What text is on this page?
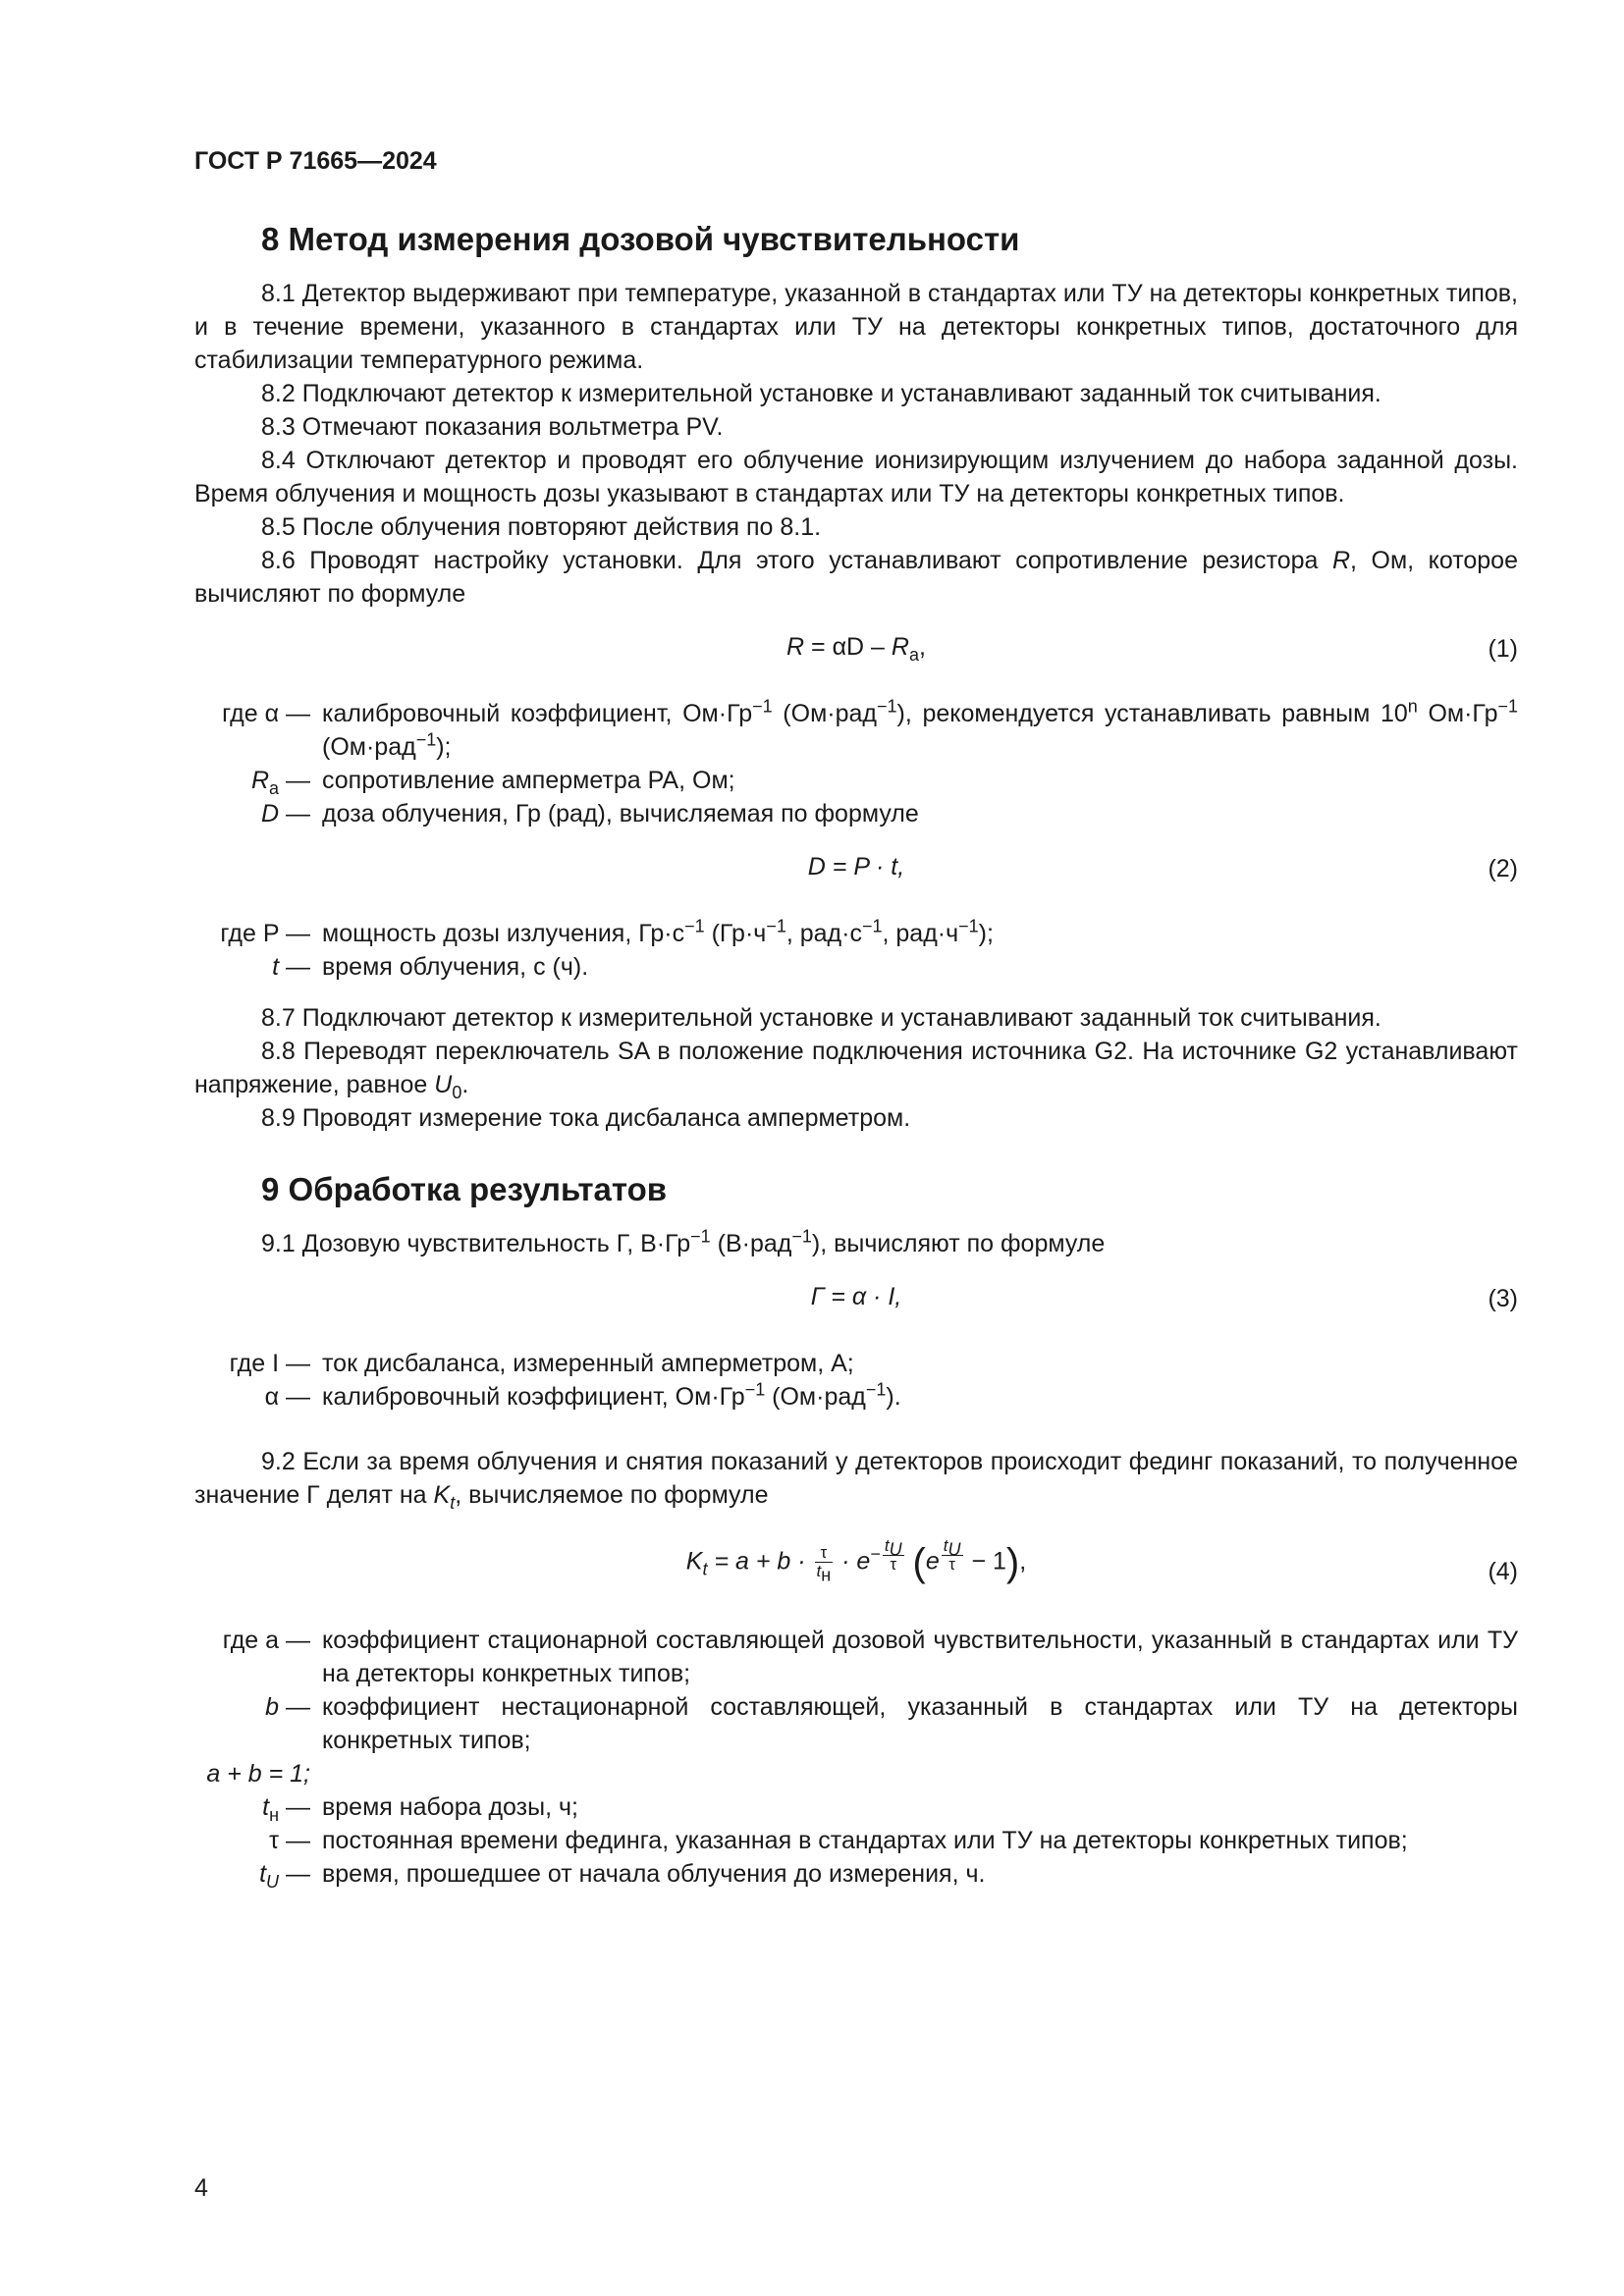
ГОСТ Р 71665—2024
8 Метод измерения дозовой чувствительности

8.1 Детектор выдерживают при температуре, указанной в стандартах или ТУ на детекторы конкретных типов, и в течение времени, указанного в стандартах или ТУ на детекторы конкретных типов, достаточного для стабилизации температурного режима.

8.2 Подключают детектор к измерительной установке и устанавливают заданный ток считывания.

8.3 Отмечают показания вольтметра PV.

8.4 Отключают детектор и проводят его облучение ионизирующим излучением до набора заданной дозы. Время облучения и мощность дозы указывают в стандартах или ТУ на детекторы конкретных типов.

8.5 После облучения повторяют действия по 8.1.

8.6 Проводят настройку установки. Для этого устанавливают сопротивление резистора R, Ом, которое вычисляют по формуле

$R = \alpha D - R_a$,	(1)
где α — калибровочный коэффициент, $Ом\cdot Гр^{-1}$ (Ом·рад$^{-1}$), рекомендуется устанавливать равным 10$^n$ $Ом\cdot Гр^{-1}$ (Ом·рад$^{-1}$);
$R_a$ — сопротивление амперметра PA, Ом;
D — доза облучения, Гр (рад), вычисляемая по формуле
D = P · t,	(2)
где P — мощность дозы излучения, $Гр\cdot с^{-1}$ ($Гр\cdot ч^{-1}$, $рад\cdot с^{-1}$, $рад\cdot ч^{-1}$);
t — время облучения, с (ч).

8.7 Подключают детектор к измерительной установке и устанавливают заданный ток считывания.

8.8 Переводят переключатель SA в положение подключения источника G2. На источнике G2 устанавливают напряжение, равное $U_0$.

8.9 Проводят измерение тока дисбаланса амперметром.

9 Обработка результатов

9.1 Дозовую чувствительность Г, $В\cdot Гр^{-1}$ (В·рад$^{-1}$), вычисляют по формуле

Г = α · I,	(3)
где I — ток дисбаланса, измеренный амперметром, А;
α — калибровочный коэффициент, $Ом\cdot Гр^{-1}$ (Ом·рад$^{-1}$).

9.2 Если за время облучения и снятия показаний у детекторов происходит фединг показаний, то полученное значение Г делят на $K_t$, вычисляемое по формуле

$K_t = a + b \cdot \frac{\tau}{t_н} \cdot e^{- \frac{t_U}{\tau}}$ (e $^{\frac{t_U}{\tau}}$ − 1),	(4)
где a — коэффициент стационарной составляющей дозовой чувствительности, указанный в стандартах или ТУ на детекторы конкретных типов;
b — коэффициент нестационарной составляющей, указанный в стандартах или ТУ на детекторы конкретных типов;
a + b = 1;
$t_н$ — время набора дозы, ч;
τ — постоянная времени фединга, указанная в стандартах или ТУ на детекторы конкретных типов;
$t_U$ — время, прошедшее от начала облучения до измерения, ч.
4
